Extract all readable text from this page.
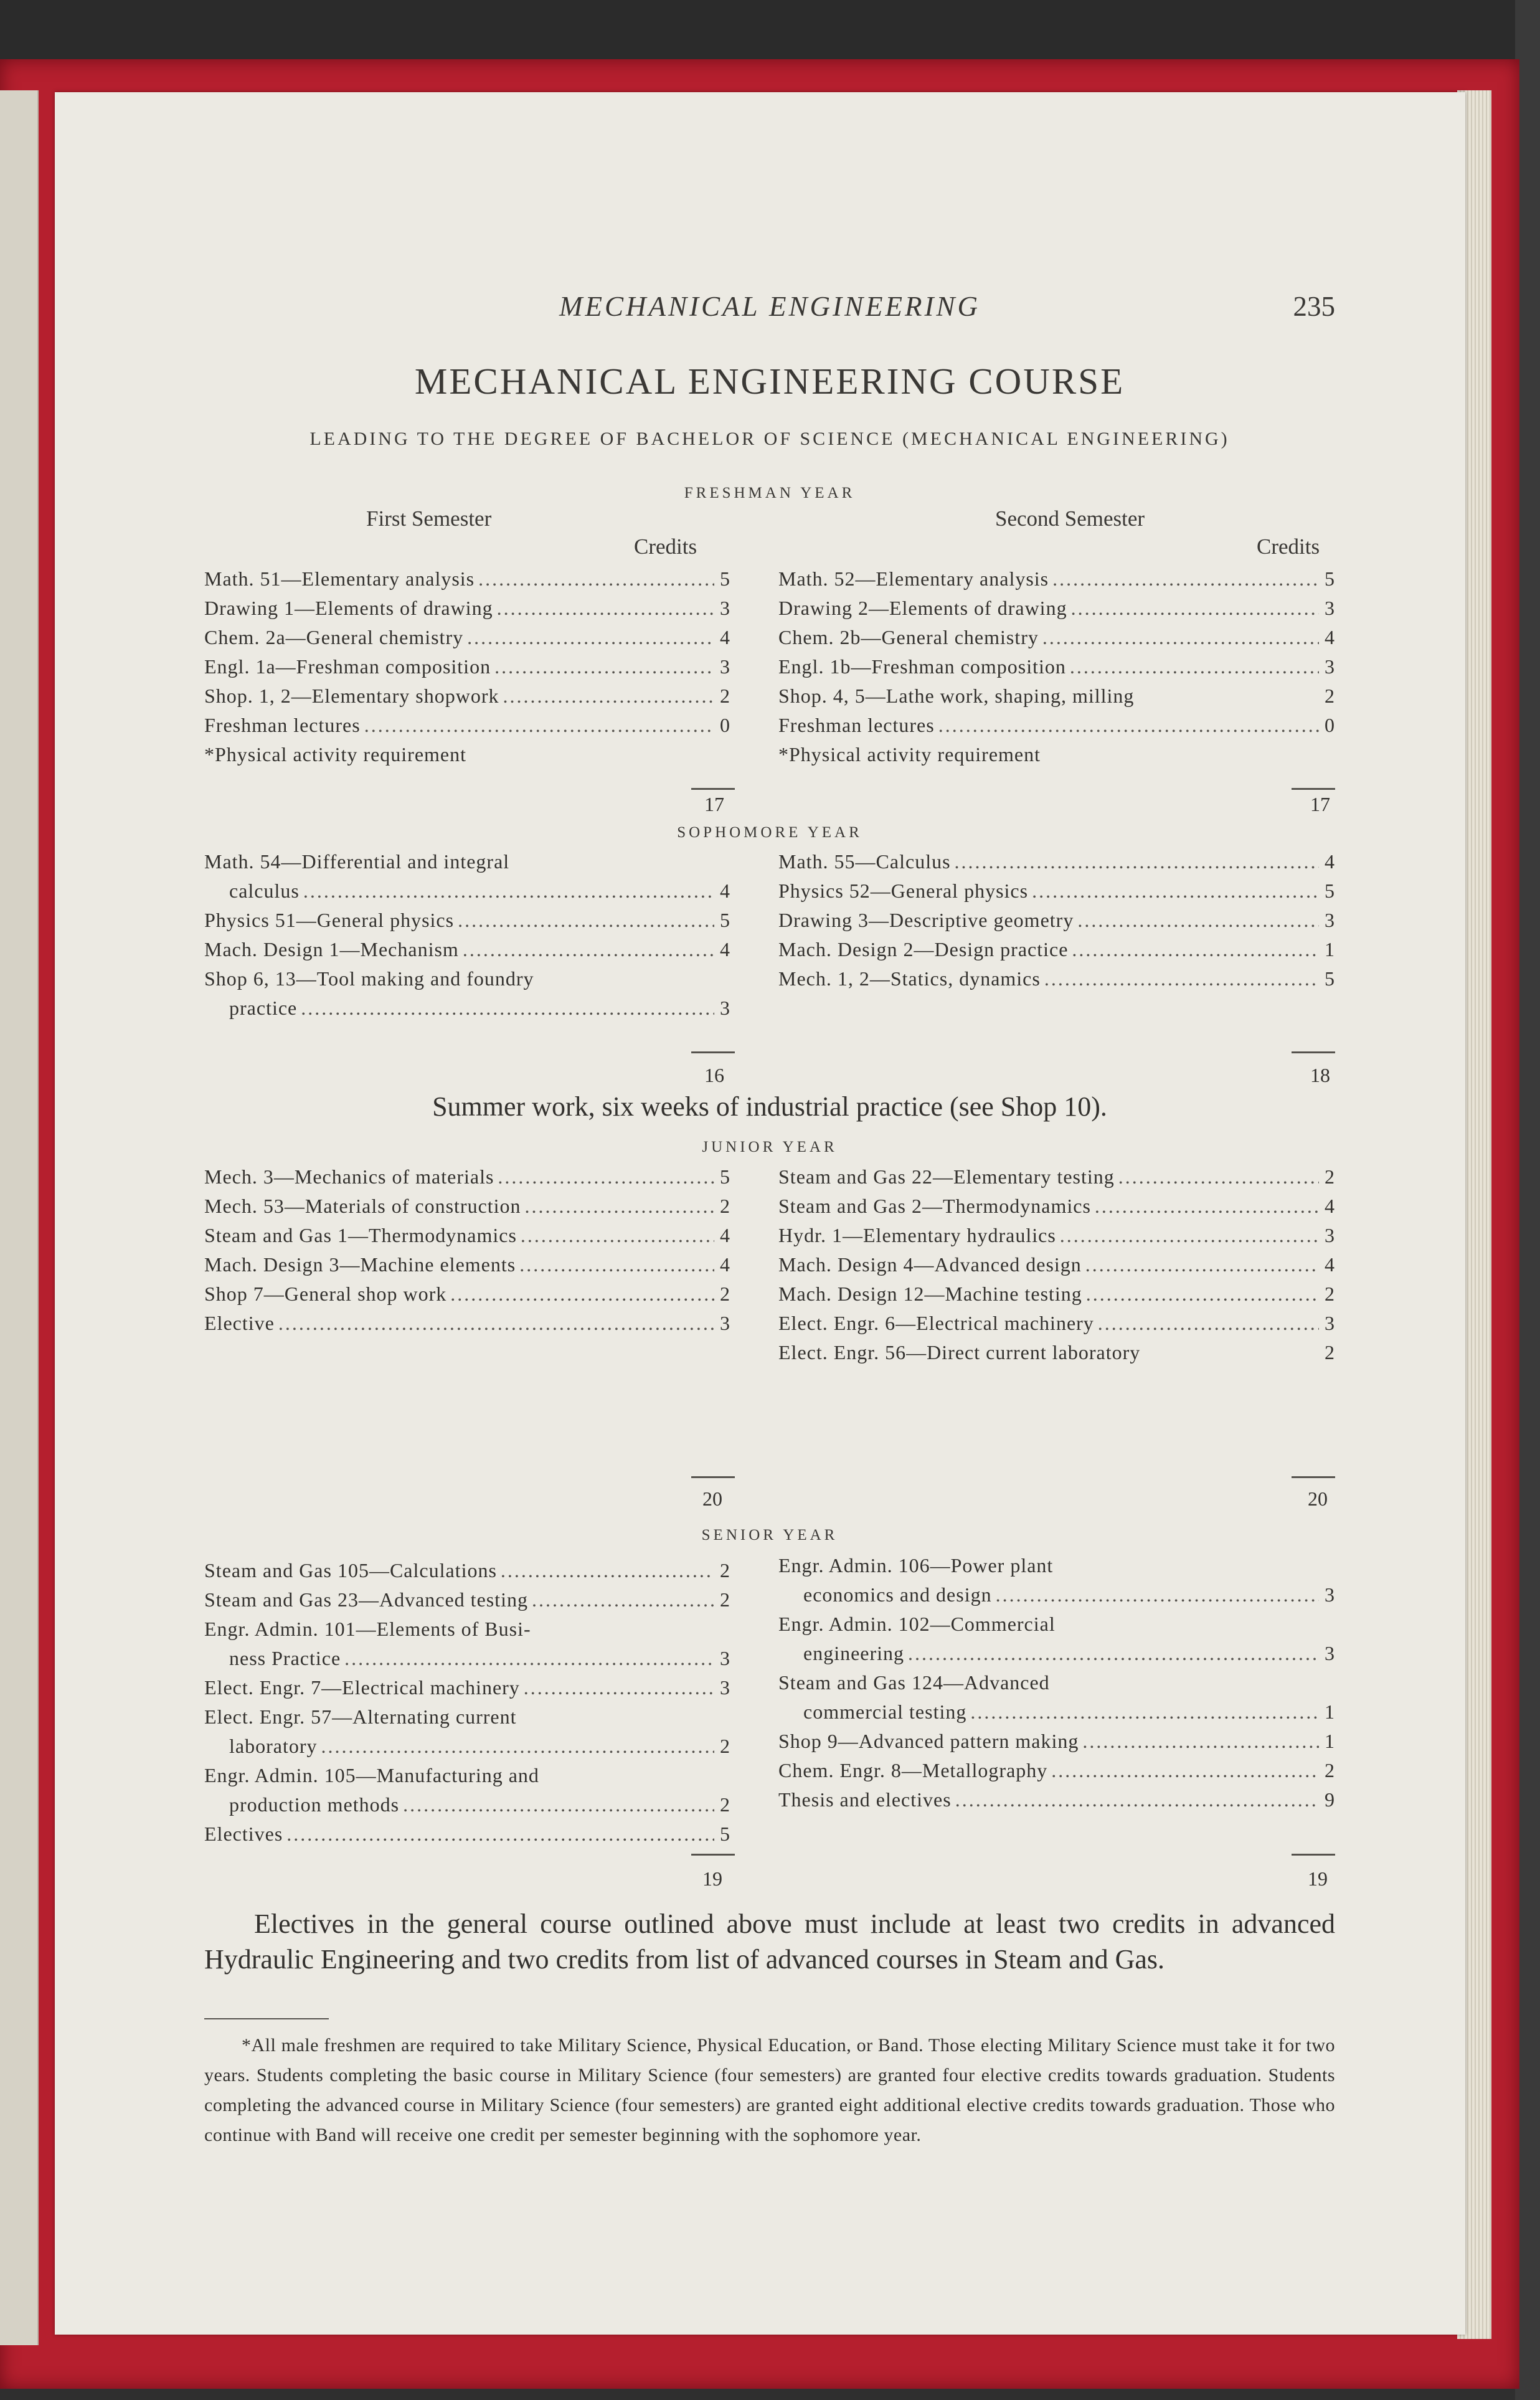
MECHANICAL ENGINEERING	235
MECHANICAL ENGINEERING COURSE
LEADING TO THE DEGREE OF BACHELOR OF SCIENCE (MECHANICAL ENGINEERING)
FRESHMAN YEAR
First Semester	Second Semester
Credits	Credits
Math. 51—Elementary analysis .....	5
Drawing 1—Elements of drawing .....	3
Chem. 2a—General chemistry .....	4
Engl. 1a—Freshman composition .....	3
Shop. 1, 2—Elementary shopwork .....	2
Freshman lectures .....	0
*Physical activity requirement
Math. 52—Elementary analysis .....	5
Drawing 2—Elements of drawing .....	3
Chem. 2b—General chemistry .....	4
Engl. 1b—Freshman composition .....	3
Shop. 4, 5—Lathe work, shaping, milling	2
Freshman lectures .....	0
*Physical activity requirement
17	17
SOPHOMORE YEAR
Math. 54—Differential and integral
calculus .....	4
Physics 51—General physics .....	5
Mach. Design 1—Mechanism .....	4
Shop 6, 13—Tool making and foundry
practice .....	3
Math. 55—Calculus .....	4
Physics 52—General physics .....	5
Drawing 3—Descriptive geometry .....	3
Mach. Design 2—Design practice .....	1
Mech. 1, 2—Statics, dynamics .....	5
16	18
Summer work, six weeks of industrial practice (see Shop 10).
JUNIOR YEAR
Mech. 3—Mechanics of materials .....	5
Mech. 53—Materials of construction .....	2
Steam and Gas 1—Thermodynamics .....	4
Mach. Design 3—Machine elements .....	4
Shop 7—General shop work .....	2
Elective .....	3
Steam and Gas 22—Elementary testing .....	2
Steam and Gas 2—Thermodynamics .....	4
Hydr. 1—Elementary hydraulics .....	3
Mach. Design 4—Advanced design .....	4
Mach. Design 12—Machine testing .....	2
Elect. Engr. 6—Electrical machinery .....	3
Elect. Engr. 56—Direct current laboratory	2
20	20
SENIOR YEAR
Steam and Gas 105—Calculations .....	2
Steam and Gas 23—Advanced testing .....	2
Engr. Admin. 101—Elements of Busi-
ness Practice .....	3
Elect. Engr. 7—Electrical machinery .....	3
Elect. Engr. 57—Alternating current
laboratory .....	2
Engr. Admin. 105—Manufacturing and
production methods .....	2
Electives .....	5
Engr. Admin. 106—Power plant
economics and design .....	3
Engr. Admin. 102—Commercial
engineering .....	3
Steam and Gas 124—Advanced
commercial testing .....	1
Shop 9—Advanced pattern making .....	1
Chem. Engr. 8—Metallography .....	2
Thesis and electives .....	9
19	19
Electives in the general course outlined above must include at least two credits in advanced Hydraulic Engineering and two credits from list of advanced courses in Steam and Gas.
*All male freshmen are required to take Military Science, Physical Education, or Band. Those electing Military Science must take it for two years. Students completing the basic course in Military Science (four semesters) are granted four elective credits towards graduation. Students completing the advanced course in Military Science (four semesters) are granted eight additional elective credits towards graduation. Those who continue with Band will receive one credit per semester beginning with the sophomore year.
